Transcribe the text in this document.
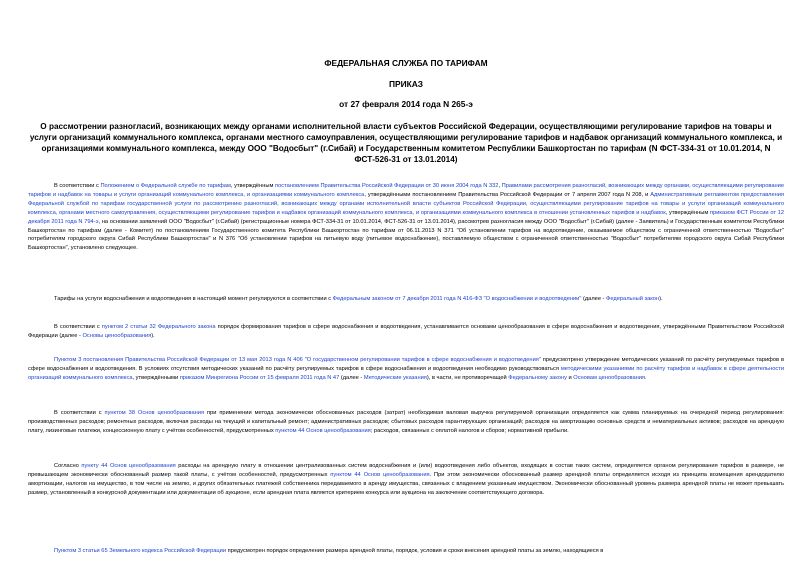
ФЕДЕРАЛЬНАЯ СЛУЖБА ПО ТАРИФАМ
ПРИКАЗ
от 27 февраля 2014 года N 265-э
О рассмотрении разногласий, возникающих между органами исполнительной власти субъектов Российской Федерации, осуществляющими регулирование тарифов на товары и услуги организаций коммунального комплекса, органами местного самоуправления, осуществляющими регулирование тарифов и надбавок организаций коммунального комплекса, и организациями коммунального комплекса, между ООО "Водосбыт" (г.Сибай) и Государственным комитетом Республики Башкортостан по тарифам (N ФСТ-334-31 от 10.01.2014, N ФСТ-526-31 от 13.01.2014)
В соответствии с Положением о Федеральной службе по тарифам, утверждённым постановлением Правительства Российской Федерации от 30 июня 2004 года N 332, Правилами рассмотрения разногласий, возникающих между органами, осуществляющими регулирование тарифов и надбавок на товары и услуги организаций коммунального комплекса, и организациями коммунального комплекса, утверждёнными постановлением Правительства Российской Федерации от 7 апреля 2007 года N 208, и Административным регламентом предоставления Федеральной службой по тарифам государственной услуги по рассмотрению разногласий, возникающих между органами исполнительной власти субъектов Российской Федерации, осуществляющими регулирование тарифов на товары и услуги организаций коммунального комплекса, органами местного самоуправления, осуществляющими регулирование тарифов и надбавок организаций коммунального комплекса, и организациями коммунального комплекса в отношении установленных тарифов и надбавок, утверждённым приказом ФСТ России от 12 декабря 2011 года N 794-э, на основании заявлений ООО "Водосбыт" (г.Сибай) (регистрационные номера ФСТ-334-31 от 10.01.2014, ФСТ-526-31 от 13.01.2014), рассмотрев разногласия между ООО "Водосбыт" (г.Сибай) (далее - Заявитель) и Государственным комитетом Республики Башкортостан по тарифам (далее - Комитет) по постановлениям Государственного комитета Республики Башкортостан по тарифам от 06.11.2013 N 371 "Об установлении тарифов на водоотведение, оказываемое обществом с ограниченной ответственностью "Водосбыт" потребителям городского округа Сибай Республики Башкортостан" и N 376 "Об установлении тарифов на питьевую воду (питьевое водоснабжение), поставляемую обществом с ограниченной ответственностью "Водосбыт" потребителям городского округа Сибай Республики Башкортостан", установлено следующее.
Тарифы на услуги водоснабжения и водоотведения в настоящий момент регулируются в соответствии с Федеральным законом от 7 декабря 2011 года N 416-ФЗ "О водоснабжении и водоотведении" (далее - Федеральный закон).
В соответствии с пунктом 2 статьи 32 Федерального закона порядок формирования тарифов в сфере водоснабжения и водоотведения, устанавливается основами ценообразования в сфере водоснабжения и водоотведения, утверждёнными Правительством Российской Федерации (далее - Основы ценообразования).
Пунктом 3 постановления Правительства Российской Федерации от 13 мая 2013 года N 406 "О государственном регулировании тарифов в сфере водоснабжения и водоотведения" предусмотрено утверждение методических указаний по расчёту регулируемых тарифов в сфере водоснабжения и водоотведения. В условиях отсутствия методических указаний по расчёту регулируемых тарифов в сфере водоснабжения и водоотведения необходимо руководствоваться методическими указаниями по расчёту тарифов и надбавок в сфере деятельности организаций коммунального комплекса, утверждёнными приказом Минрегиона России от 15 февраля 2011 года N 47 (далее - Методические указания), в части, не противоречащей Федеральному закону и Основам ценообразования.
В соответствии с пунктом 38 Основ ценообразования при применении метода экономически обоснованных расходов (затрат) необходимая валовая выручка регулируемой организации определяется как сумма планируемых на очередной период регулирования: производственных расходов; ремонтных расходов, включая расходы на текущий и капитальный ремонт; административных расходов; сбытовых расходов гарантирующих организаций; расходов на амортизацию основных средств и нематериальных активов; расходов на арендную плату, лизинговые платежи, концессионную плату с учётом особенностей, предусмотренных пунктом 44 Основ ценообразования; расходов, связанных с оплатой налогов и сборов; нормативной прибыли.
Согласно пункту 44 Основ ценообразования расходы на арендную плату в отношении централизованных систем водоснабжения и (или) водоотведения либо объектов, входящих в состав таких систем, определяется органом регулирования тарифов в размере, не превышающем экономически обоснованный размер такой платы, с учётом особенностей, предусмотренных пунктом 44 Основ ценообразования. При этом экономически обоснованный размер арендной платы определяется исходя из принципа возмещения арендодателю амортизации, налогов на имущество, в том числе на землю, и других обязательных платежей собственника передаваемого в аренду имущества, связанных с владением указанным имуществом. Экономически обоснованный уровень размера арендной платы не может превышать размер, установленный в конкурсной документации или документации об аукционе, если арендная плата является критерием конкурса или аукциона на заключение соответствующего договора.
Пунктом 3 статьи 65 Земельного кодекса Российской Федерации предусмотрен порядок определения размера арендной платы, порядок, условия и сроки внесения арендной платы за землю, находящиеся в
